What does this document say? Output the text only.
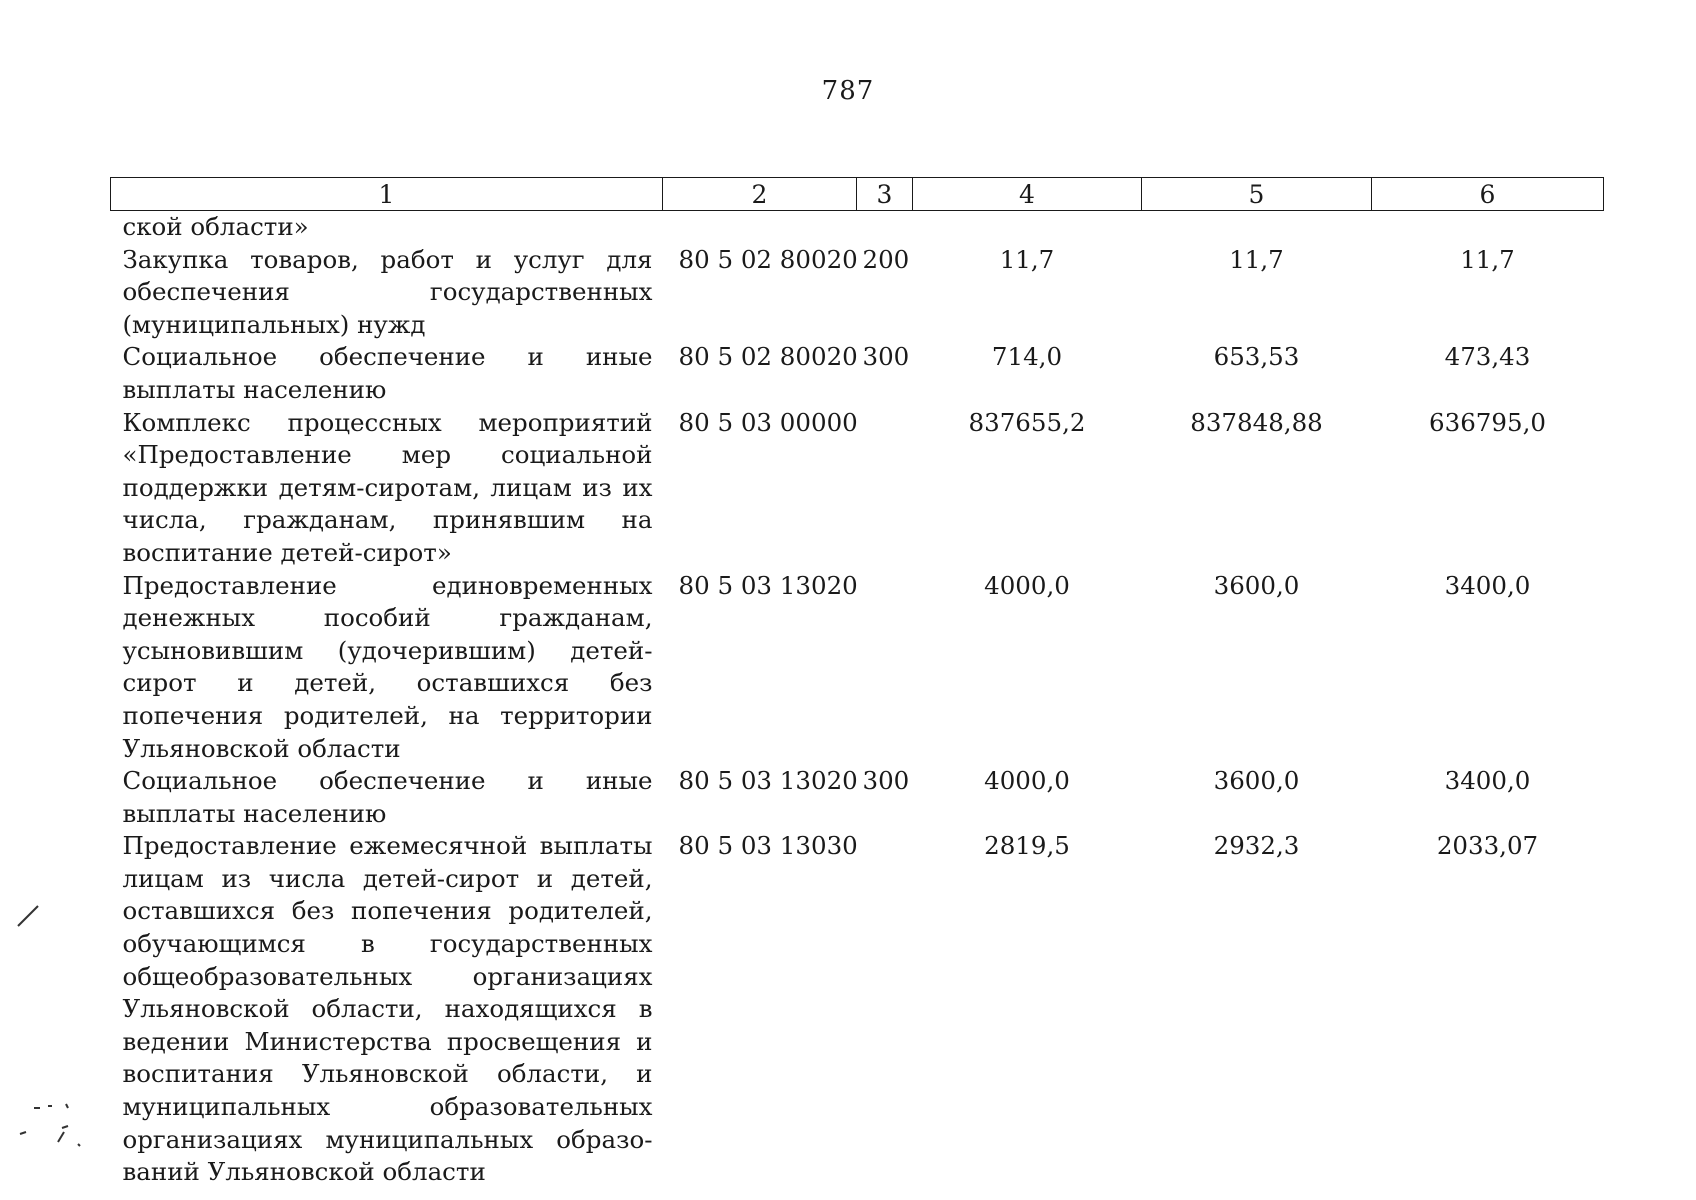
787
1	2	3	4	5	6
ской области»					
Закупка товаров, работ и услуг для обеспечения государственных (муниципальных) нужд	80 5 02 80020	200	11,7	11,7	11,7
Социальное обеспечение и иные выплаты населению	80 5 02 80020	300	714,0	653,53	473,43
Комплекс процессных мероприятий «Предоставление мер социальной поддержки детям-сиротам, лицам из их числа, гражданам, принявшим на воспитание детей-сирот»	80 5 03 00000		837655,2	837848,88	636795,0
Предоставление единовременных денежных пособий гражданам, усыновившим (удочерившим) детей-сирот и детей, оставшихся без попечения родителей, на территории Ульяновской области	80 5 03 13020		4000,0	3600,0	3400,0
Социальное обеспечение и иные выплаты населению	80 5 03 13020	300	4000,0	3600,0	3400,0
Предоставление ежемесячной выплаты лицам из числа детей-сирот и детей, оставшихся без попечения родителей, обучающимся в государственных общеобразовательных организациях Ульяновской области, находящихся в ведении Министерства просвещения и воспитания Ульяновской области, и муниципальных образовательных организациях муниципальных образований Ульяновской области	80 5 03 13030		2819,5	2932,3	2033,07
